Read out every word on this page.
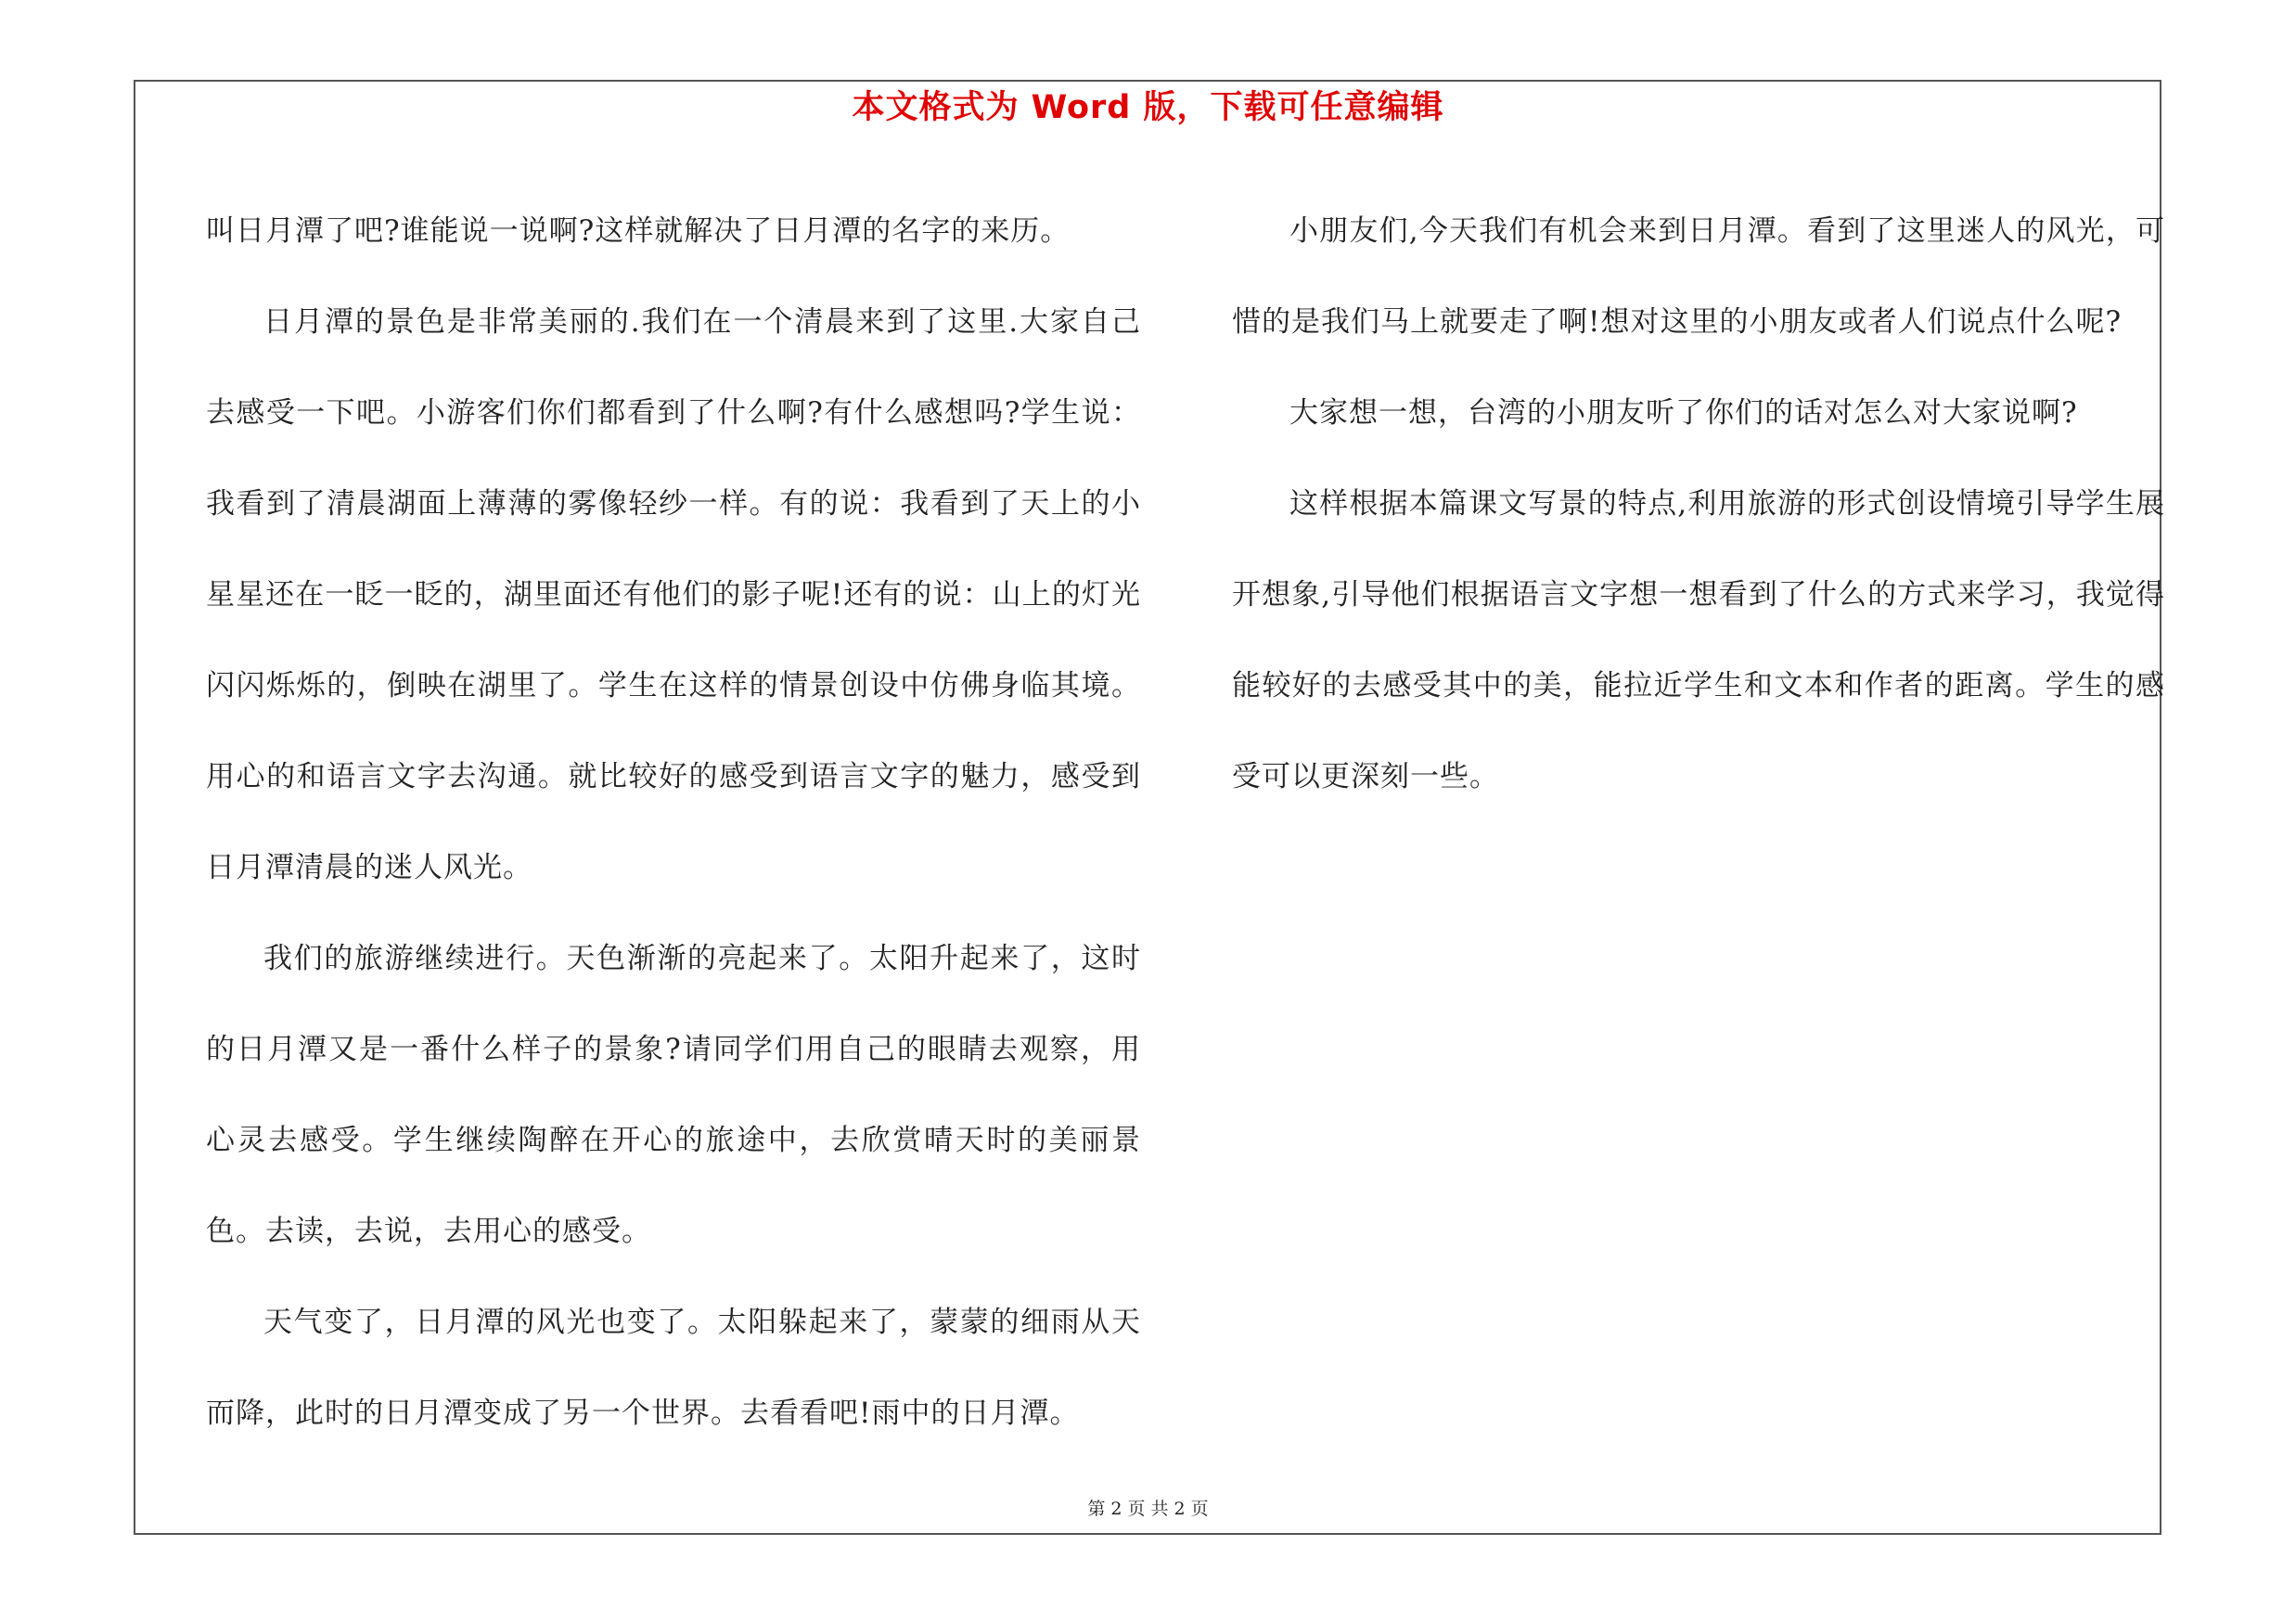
本文格式为 Word 版，下载可任意编辑

叫日月潭了吧?谁能说一说啊?这样就解决了日月潭的名字的来历。

日月潭的景色是非常美丽的.我们在一个清晨来到了这里.大家自己去感受一下吧。小游客们你们都看到了什么啊?有什么感想吗?学生说：我看到了清晨湖面上薄薄的雾像轻纱一样。有的说：我看到了天上的小星星还在一眨一眨的，湖里面还有他们的影子呢!还有的说：山上的灯光闪闪烁烁的，倒映在湖里了。学生在这样的情景创设中仿佛身临其境。用心的和语言文字去沟通。就比较好的感受到语言文字的魅力，感受到日月潭清晨的迷人风光。

我们的旅游继续进行。天色渐渐的亮起来了。太阳升起来了，这时的日月潭又是一番什么样子的景象?请同学们用自己的眼睛去观察，用心灵去感受。学生继续陶醉在开心的旅途中，去欣赏晴天时的美丽景色。去读，去说，去用心的感受。

天气变了，日月潭的风光也变了。太阳躲起来了，蒙蒙的细雨从天而降，此时的日月潭变成了另一个世界。去看看吧!雨中的日月潭。

小朋友们,今天我们有机会来到日月潭。看到了这里迷人的风光，可惜的是我们马上就要走了啊!想对这里的小朋友或者人们说点什么呢?

大家想一想，台湾的小朋友听了你们的话对怎么对大家说啊?

这样根据本篇课文写景的特点,利用旅游的形式创设情境引导学生展开想象,引导他们根据语言文字想一想看到了什么的方式来学习，我觉得能较好的去感受其中的美，能拉近学生和文本和作者的距离。学生的感受可以更深刻一些。

第 2 页 共 2 页
